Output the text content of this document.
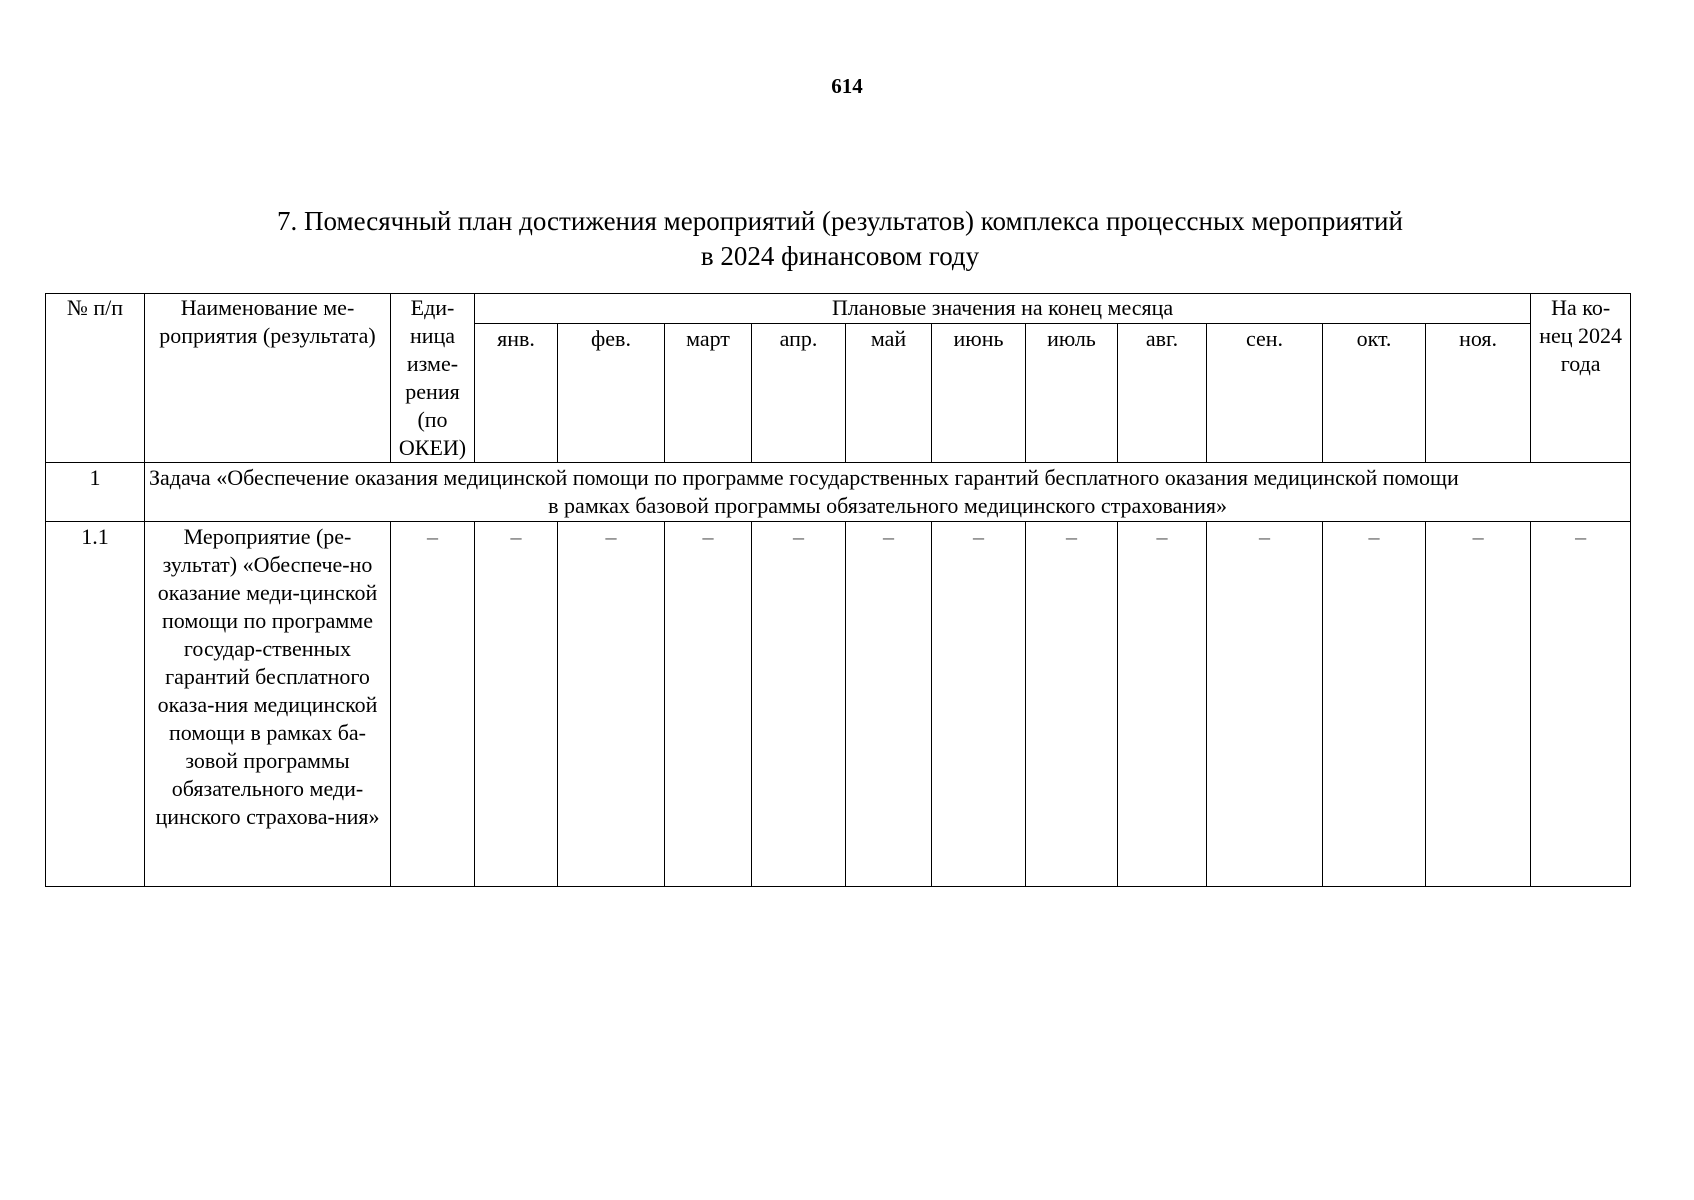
614
7. Помесячный план достижения мероприятий (результатов) комплекса процессных мероприятий
в 2024 финансовом году
№ п/п	Наименование ме-роприятия (результата)	Еди-ница изме-рения (по ОКЕИ)	Плановые значения на конец месяца											На ко-нец 2024 года
			янв.	фев.	март	апр.	май	июнь	июль	авг.	сен.	окт.	ноя.	
1	Задача «Обеспечение оказания медицинской помощи по программе государственных гарантий бесплатного оказания медицинской помощи
в рамках базовой программы обязательного медицинского страхования»													

1.1	Мероприятие (ре-зультат) «Обеспече-но оказание меди-цинской помощи по программе государ-ственных гарантий бесплатного оказа-ния медицинской помощи в рамках ба-зовой программы обязательного меди-цинского страхова-ния»	–	–	–	–	–	–	–	–	–	–	–	–	–
